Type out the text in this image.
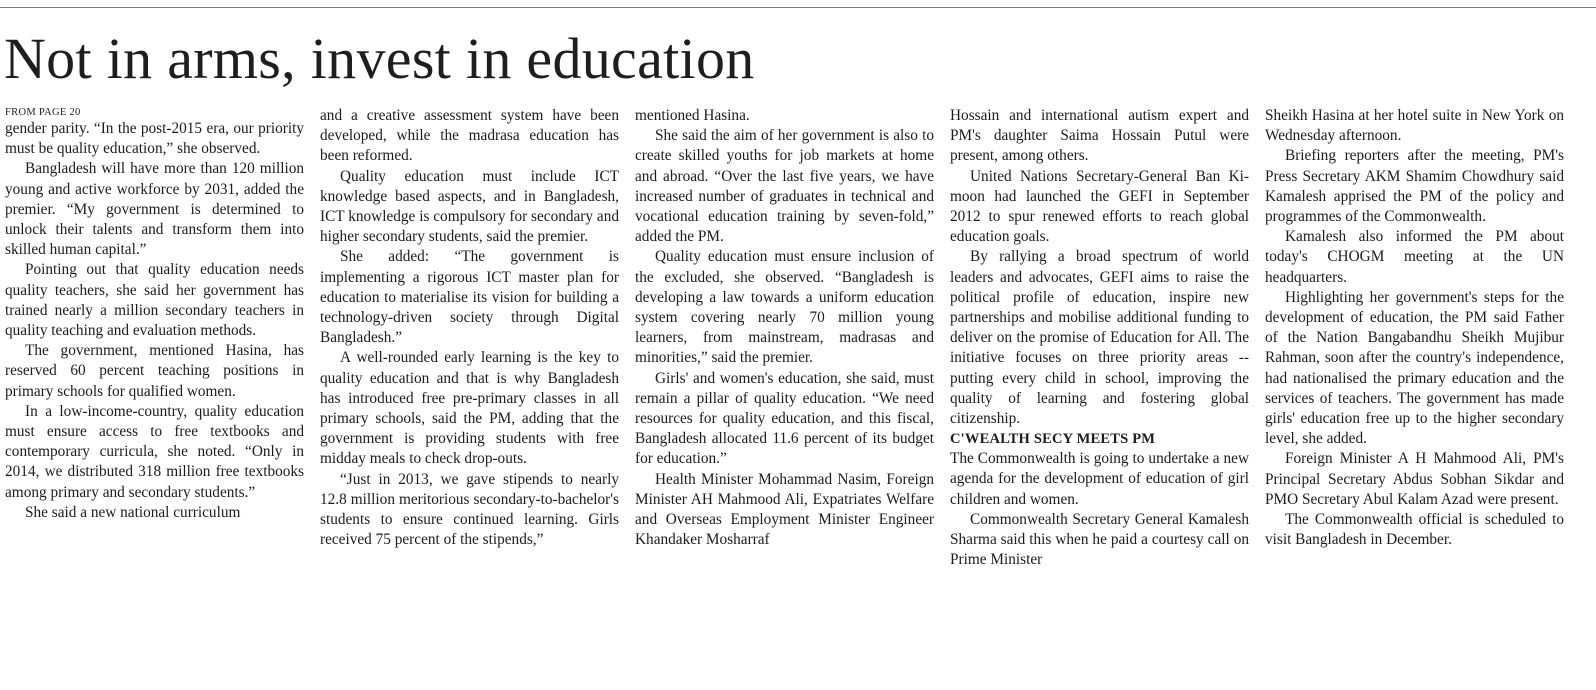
Not in arms, invest in education

FROM PAGE 20

gender parity. “In the post-2015 era, our priority must be quality education,” she observed.

Bangladesh will have more than 120 million young and active workforce by 2031, added the premier. “My government is determined to unlock their talents and transform them into skilled human capital.”

Pointing out that quality education needs quality teachers, she said her government has trained nearly a million secondary teachers in quality teaching and evaluation methods.

The government, mentioned Hasina, has reserved 60 percent teaching positions in primary schools for qualified women.

In a low-income-country, quality education must ensure access to free textbooks and contemporary curricula, she noted. “Only in 2014, we distributed 318 million free textbooks among primary and secondary students.”

She said a new national curriculum

and a creative assessment system have been developed, while the madrasa education has been reformed.

Quality education must include ICT knowledge based aspects, and in Bangladesh, ICT knowledge is compulsory for secondary and higher secondary students, said the premier.

She added: “The government is implementing a rigorous ICT master plan for education to materialise its vision for building a technology-driven society through Digital Bangladesh.”

A well-rounded early learning is the key to quality education and that is why Bangladesh has introduced free pre-primary classes in all primary schools, said the PM, adding that the government is providing students with free midday meals to check drop-outs.

“Just in 2013, we gave stipends to nearly 12.8 million meritorious secondary-to-bachelor's students to ensure continued learning. Girls received 75 percent of the stipends,”

mentioned Hasina.

She said the aim of her government is also to create skilled youths for job markets at home and abroad. “Over the last five years, we have increased number of graduates in technical and vocational education training by seven-fold,” added the PM.

Quality education must ensure inclusion of the excluded, she observed. “Bangladesh is developing a law towards a uniform education system covering nearly 70 million young learners, from mainstream, madrasas and minorities,” said the premier.

Girls' and women's education, she said, must remain a pillar of quality education. “We need resources for quality education, and this fiscal, Bangladesh allocated 11.6 percent of its budget for education.”

Health Minister Mohammad Nasim, Foreign Minister AH Mahmood Ali, Expatriates Welfare and Overseas Employment Minister Engineer Khandaker Mosharraf

Hossain and international autism expert and PM's daughter Saima Hossain Putul were present, among others.

United Nations Secretary-General Ban Ki-moon had launched the GEFI in September 2012 to spur renewed efforts to reach global education goals.

By rallying a broad spectrum of world leaders and advocates, GEFI aims to raise the political profile of education, inspire new partnerships and mobilise additional funding to deliver on the promise of Education for All. The initiative focuses on three priority areas -- putting every child in school, improving the quality of learning and fostering global citizenship.

C'WEALTH SECY MEETS PM

The Commonwealth is going to undertake a new agenda for the development of education of girl children and women.

Commonwealth Secretary General Kamalesh Sharma said this when he paid a courtesy call on Prime Minister

Sheikh Hasina at her hotel suite in New York on Wednesday afternoon.

Briefing reporters after the meeting, PM's Press Secretary AKM Shamim Chowdhury said Kamalesh apprised the PM of the policy and programmes of the Commonwealth.

Kamalesh also informed the PM about today's CHOGM meeting at the UN headquarters.

Highlighting her government's steps for the development of education, the PM said Father of the Nation Bangabandhu Sheikh Mujibur Rahman, soon after the country's independence, had nationalised the primary education and the services of teachers. The government has made girls' education free up to the higher secondary level, she added.

Foreign Minister A H Mahmood Ali, PM's Principal Secretary Abdus Sobhan Sikdar and PMO Secretary Abul Kalam Azad were present.

The Commonwealth official is scheduled to visit Bangladesh in December.
